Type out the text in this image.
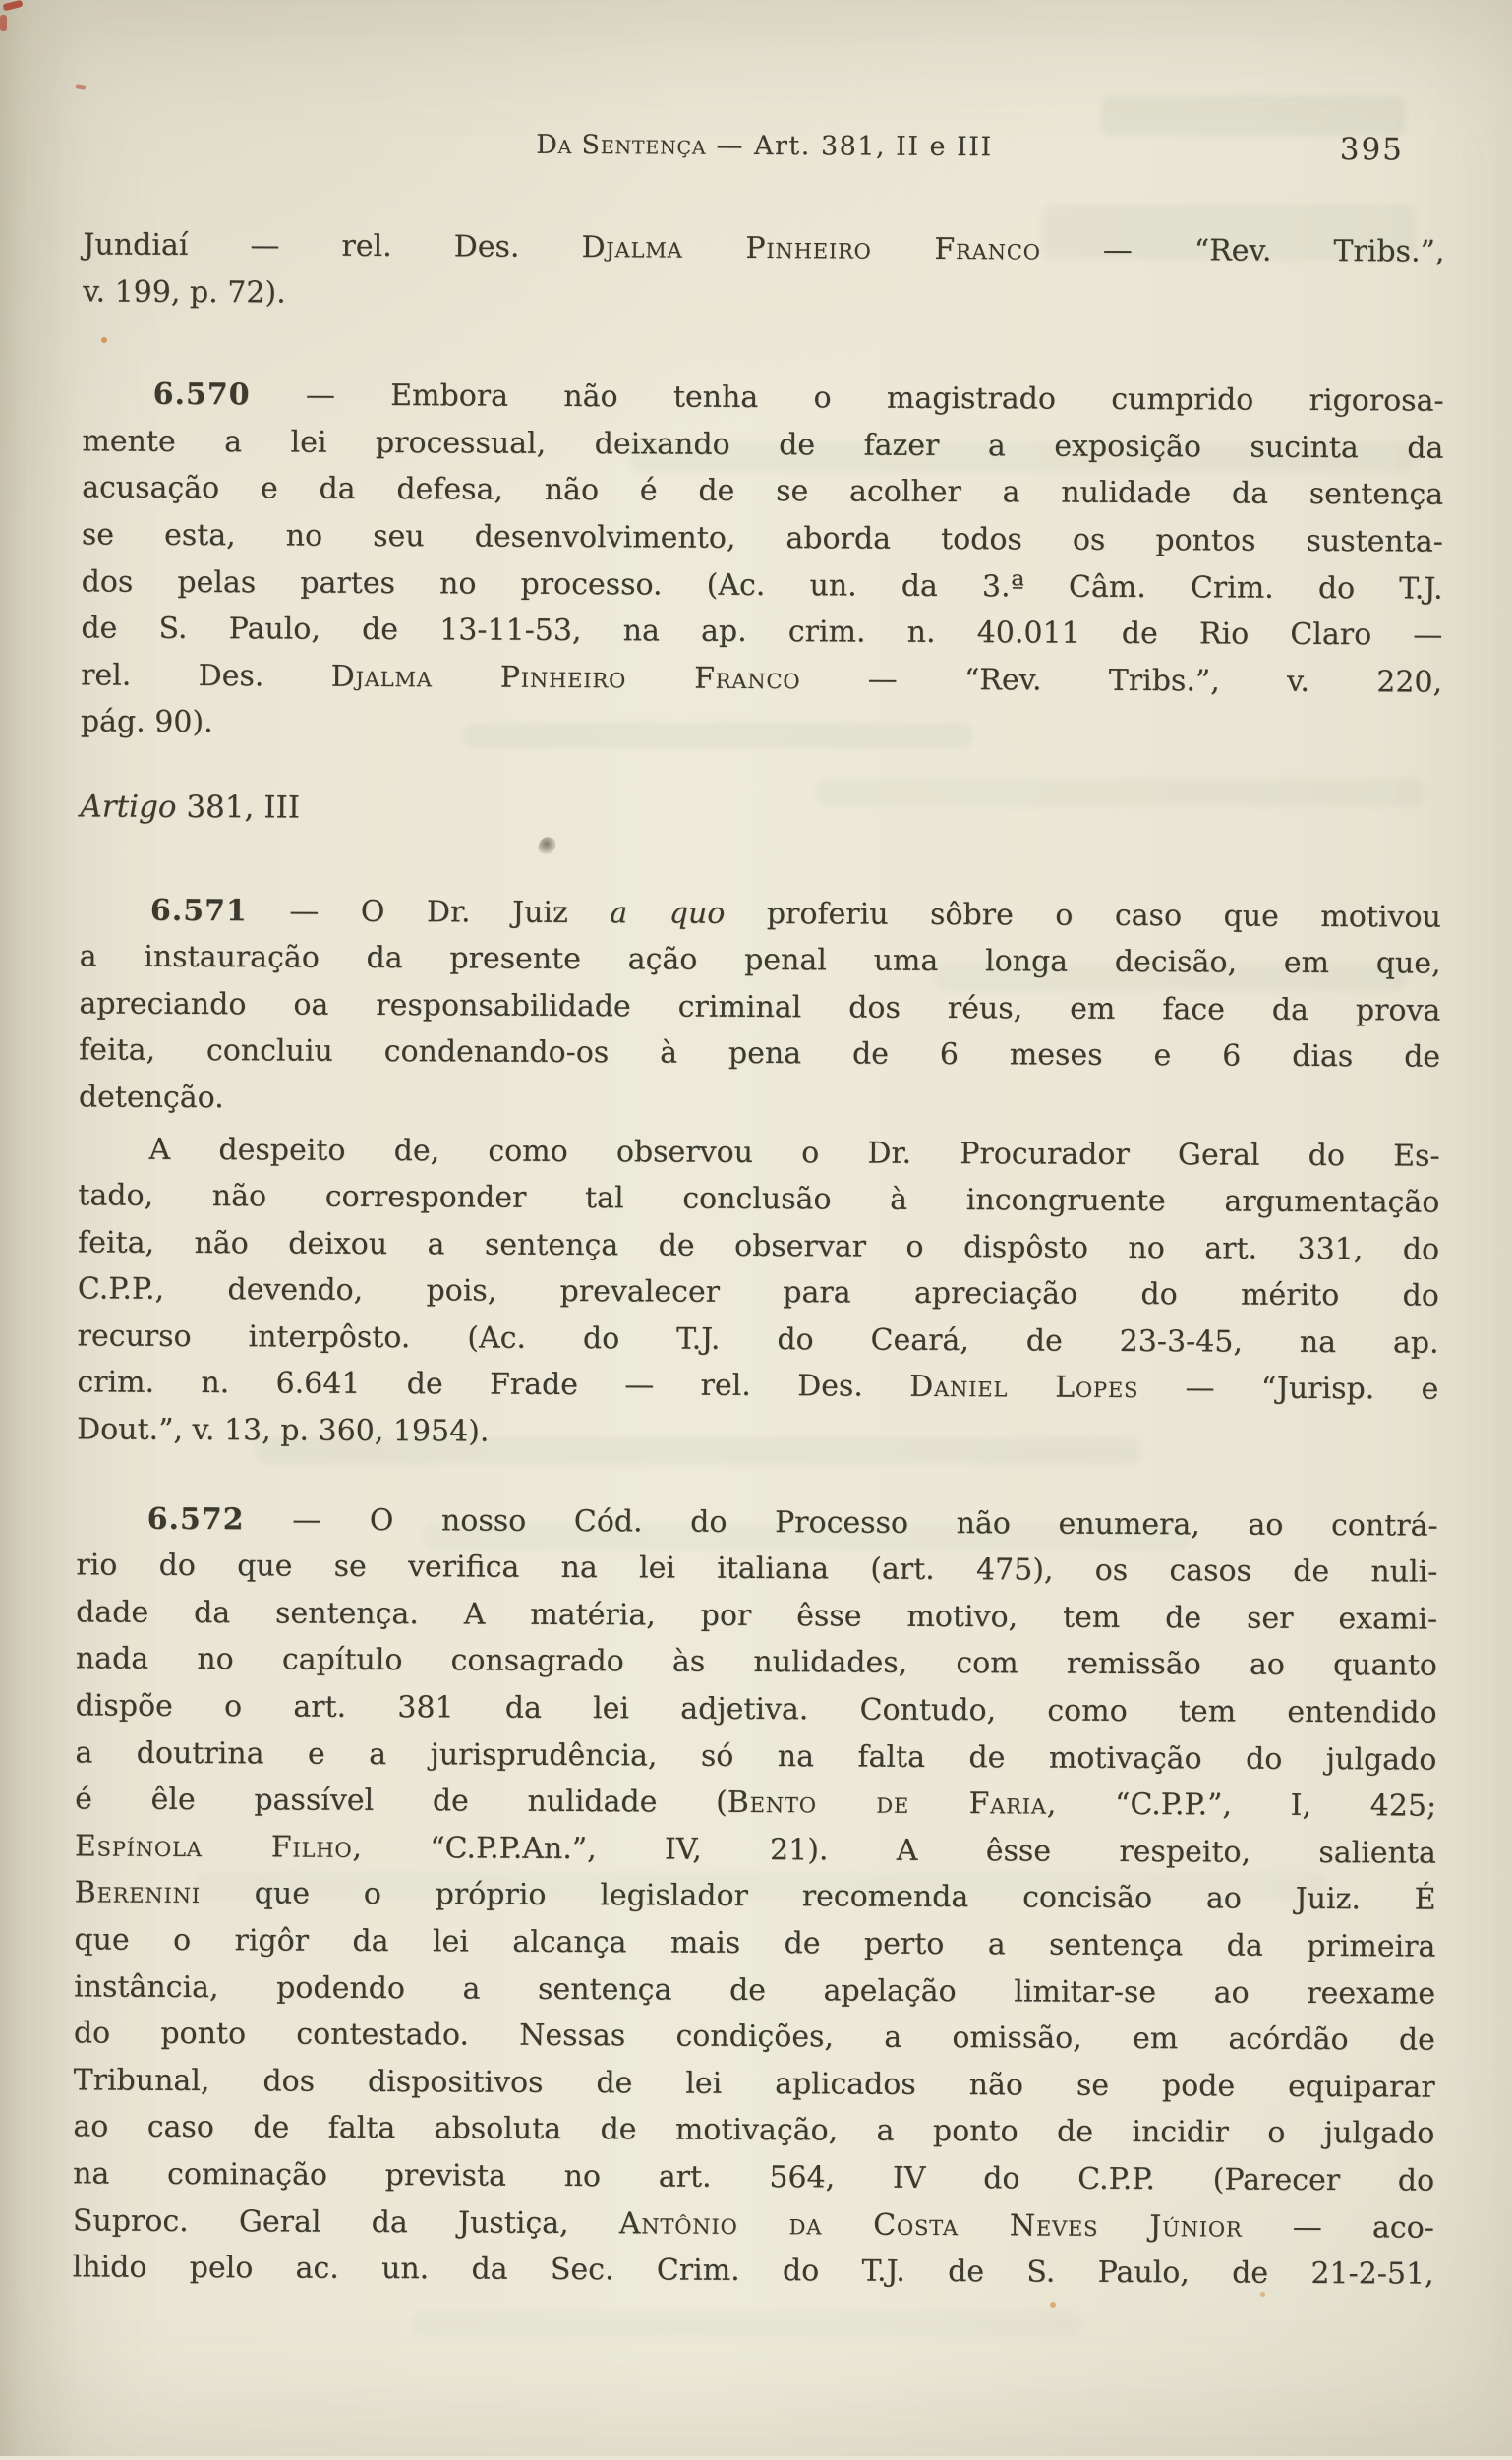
Da Sentença — Art. 381, II e III	395
Jundiaí — rel. Des. Djalma Pinheiro Franco — “Rev. Tribs.”,
v. 199, p. 72).
6.570 — Embora não tenha o magistrado cumprido rigorosa-
mente a lei processual, deixando de fazer a exposição sucinta da
acusação e da defesa, não é de se acolher a nulidade da sentença
se esta, no seu desenvolvimento, aborda todos os pontos sustenta-
dos pelas partes no processo. (Ac. un. da 3.ª Câm. Crim. do T.J.
de S. Paulo, de 13-11-53, na ap. crim. n. 40.011 de Rio Claro —
rel. Des. Djalma Pinheiro Franco — “Rev. Tribs.”, v. 220,
pág. 90).
Artigo 381, III
6.571 — O Dr. Juiz a quo proferiu sôbre o caso que motivou
a instauração da presente ação penal uma longa decisão, em que,
apreciando oa responsabilidade criminal dos réus, em face da prova
feita, concluiu condenando-os à pena de 6 meses e 6 dias de
detenção.
A despeito de, como observou o Dr. Procurador Geral do Es-
tado, não corresponder tal conclusão à incongruente argumentação
feita, não deixou a sentença de observar o dispôsto no art. 331, do
C.P.P., devendo, pois, prevalecer para apreciação do mérito do
recurso interpôsto. (Ac. do T.J. do Ceará, de 23-3-45, na ap.
crim. n. 6.641 de Frade — rel. Des. Daniel Lopes — “Jurisp. e
Dout.”, v. 13, p. 360, 1954).
6.572 — O nosso Cód. do Processo não enumera, ao contrá-
rio do que se verifica na lei italiana (art. 475), os casos de nuli-
dade da sentença. A matéria, por êsse motivo, tem de ser exami-
nada no capítulo consagrado às nulidades, com remissão ao quanto
dispõe o art. 381 da lei adjetiva. Contudo, como tem entendido
a doutrina e a jurisprudência, só na falta de motivação do julgado
é êle passível de nulidade (Bento de Faria, “C.P.P.”, I, 425;
Espínola Filho, “C.P.P.An.”, IV, 21). A êsse respeito, salienta
Berenini que o próprio legislador recomenda concisão ao Juiz. É
que o rigôr da lei alcança mais de perto a sentença da primeira
instância, podendo a sentença de apelação limitar-se ao reexame
do ponto contestado. Nessas condições, a omissão, em acórdão de
Tribunal, dos dispositivos de lei aplicados não se pode equiparar
ao caso de falta absoluta de motivação, a ponto de incidir o julgado
na cominação prevista no art. 564, IV do C.P.P. (Parecer do
Suproc. Geral da Justiça, Antônio da Costa Neves Júnior — aco-
lhido pelo ac. un. da Sec. Crim. do T.J. de S. Paulo, de 21-2-51,
